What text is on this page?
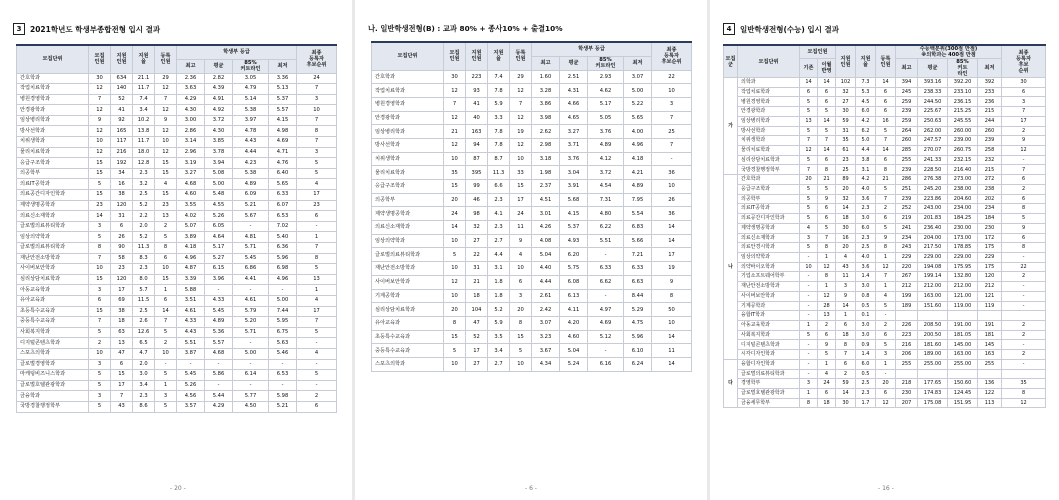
3	2021학년도 학생부종합전형 입시 결과
- 20 -
나. 일반학생전형(B) : 교과 80% + 종사10% + 출결10%
- 6 -
4	일반학생전형(수능) 입시 결과
- 16 -
모집단위	모집
인원	지원
인원	지원
율	등록
인원	학생부 등급				최종
등록자
후보순위
					최고	평균	85%
커트라인	최저	
간호학과	30	634	21.1	29	2.36	2.82	3.05	3.36	24
작업치료학과	12	140	11.7	12	3.63	4.39	4.79	5.13	7
병원경영학과	7	52	7.4	7	4.29	4.91	5.14	5.37	3
안경광학과	12	41	3.4	12	4.30	4.92	5.38	5.57	10
임상병리학과	9	92	10.2	9	3.00	3.72	3.97	4.15	7
방사선학과	12	165	13.8	12	2.86	4.30	4.78	4.98	8
치위생학과	10	117	11.7	10	3.14	3.85	4.43	4.69	7
물리치료학과	12	216	18.0	12	2.96	3.78	4.44	4.71	3
응급구조학과	15	192	12.8	15	3.19	3.94	4.23	4.76	5
의공학부	15	34	2.3	15	3.27	5.08	5.38	6.40	5
의료IT공학과	5	16	3.2	4	4.68	5.00	4.89	5.65	4
의료공간디자인학과	15	38	2.5	15	4.60	5.48	6.09	6.33	17
제약생명공학과	23	120	5.2	23	3.55	4.55	5.21	6.07	23
의료신소재학과	14	31	2.2	13	4.02	5.26	5.67	6.53	6
글로벌의료뷰티학과	3	6	2.0	2	5.07	6.05	-	7.02	-
임상의약학과	5	26	5.2	5	3.89	4.64	4.81	5.40	1
글로벌의료뷰티학과	8	90	11.3	8	4.18	5.17	5.71	6.36	7
재난안전소방학과	7	58	8.3	6	4.96	5.27	5.45	5.96	8
사이버보안학과	10	23	2.3	10	4.87	6.15	6.86	6.98	5
심리상담치료학과	15	120	8.0	15	3.39	3.96	4.41	4.96	13
아동교육학과	3	17	5.7	1	5.88	-	-	-	1
유아교육과	6	69	11.5	6	3.51	4.33	4.61	5.00	4
초등특수교육과	15	38	2.5	14	4.61	5.45	5.79	7.44	17
중등특수교육과	7	18	2.6	7	4.33	4.89	5.20	5.95	7
사회복지학과	5	63	12.6	5	4.43	5.36	5.71	6.75	5
디지털콘텐츠학과	2	13	6.5	2	5.51	5.57	-	5.63	-
스포츠의학과	10	47	4.7	10	3.87	4.68	5.00	5.46	4
글로벌경영학과	3	6	2.0	-	-	-	-	-	-
마케팅비즈니스학과	5	15	3.0	5	5.45	5.86	6.14	6.53	5
글로벌호텔관광학과	5	17	3.4	1	5.26	-	-	-	-
금융학과	3	7	2.3	3	4.56	5.44	5.77	5.98	2
국방경찰행정학부	5	43	8.6	5	3.57	4.29	4.50	5.21	6
모집단위	모집
인원	지원
인원	지원
율	등록
인원	학생부 등급				최종
등록자
후보순위
					최고	평균	85%
커트라인	최저	
간호학과	30	223	7.4	29	1.60	2.51	2.93	3.07	22
작업치료학과	12	93	7.8	12	3.28	4.31	4.62	5.00	10
병원경영학과	7	41	5.9	7	3.86	4.66	5.17	5.22	3
안경광학과	12	40	3.3	12	3.98	4.65	5.05	5.65	7
임상병리학과	21	163	7.8	19	2.62	3.27	3.76	4.00	25
방사선학과	12	94	7.8	12	2.98	3.71	4.89	4.96	7
치위생학과	10	87	8.7	10	3.18	3.76	4.12	4.18	-
물리치료학과	35	395	11.3	33	1.98	3.04	3.72	4.21	36
응급구조학과	15	99	6.6	15	2.37	3.91	4.54	4.89	10
의공학부	20	46	2.3	17	4.51	5.68	7.31	7.95	26
제약생명공학과	24	98	4.1	24	3.01	4.15	4.80	5.54	36
의료신소재학과	14	32	2.3	11	4.26	5.37	6.22	6.83	14
임상의약학과	10	27	2.7	9	4.08	4.93	5.51	5.66	14
글로벌의료뷰티학과	5	22	4.4	4	5.04	6.20	-	7.21	17
재난안전소방학과	10	31	3.1	10	4.40	5.75	6.33	6.33	19
사이버보안학과	12	21	1.8	6	4.44	6.08	6.62	6.63	9
기계공학과	10	18	1.8	3	2.61	6.13	-	8.44	8
심리상담치료학과	20	104	5.2	20	2.42	4.11	4.97	5.29	50
유아교육과	8	47	5.9	8	3.07	4.20	4.69	4.75	10
초등특수교육과	15	52	3.5	15	3.23	4.60	5.12	5.96	14
중등특수교육과	5	17	3.4	5	3.67	5.04	-	6.10	11
스포츠의학과	10	27	2.7	10	4.34	5.24	6.16	6.24	14
모집
군	모집단위	모집인원		지원
인원	지원
율	등록
인원	수능백분위(300점 만점)
※의학과는 400점 만점				최종
등록자
후보
순위
		기존	이월
반영				최고	평균	85%
커트
라인	최저	

가	의학과	14	14	102	7.3	14	394	393.16	392.20	392	30
	작업치료학과	6	6	32	5.3	6	245	238.33	233.10	233	6
	병원경영학과	5	6	27	4.5	6	259	244.50	236.15	236	3
	안경광학과	5	5	30	6.0	6	239	225.67	215.25	215	7
	임상병리학과	13	14	59	4.2	16	259	250.63	245.55	244	17
	방사선학과	5	5	31	6.2	5	264	262.00	260.00	260	2
	치위생학과	7	7	35	5.0	7	260	247.57	239.00	239	9
	물리치료학과	12	14	61	4.4	14	285	270.07	260.75	258	12
	심리상담치료학과	5	6	23	3.8	6	255	241.33	232.15	232	-
	국방경찰행정학부	7	8	25	3.1	8	239	228.50	216.40	215	7
나	간호학과	20	21	89	4.2	21	286	276.38	273.00	272	6
	응급구조학과	5	5	20	4.0	5	251	245.20	238.00	238	2
	의공학부	5	9	32	3.6	7	239	223.86	204.60	202	6
	의료IT공학과	5	6	14	2.3	2	252	243.00	234.00	234	8
	의료공간디자인학과	5	6	18	3.0	6	219	201.83	184.25	184	5
	제약생명공학과	4	5	30	6.0	5	241	236.40	230.00	230	9
	의료신소재학과	3	7	16	2.3	9	234	204.00	173.00	172	6
	의료안경시학과	5	8	20	2.5	8	243	217.50	178.85	175	8
	임상의약학과	-	1	4	4.0	1	229	229.00	229.00	229	-
	의약바이오학과	10	12	43	3.6	12	220	194.08	175.95	175	22
	기업소프트웨어학부	-	8	11	1.4	7	267	199.14	132.80	120	2
	재난안전소방학과	-	1	3	3.0	1	212	212.00	212.00	212	-
	사이버보안학과	-	12	9	0.8	4	199	163.00	121.00	121	-
	기계공학과	-	28	14	0.5	5	189	151.60	119.00	119	-
	융합IT학과	-	13	1	0.1	-					
	아동교육학과	1	2	6	3.0	2	226	208.50	191.00	191	2
	사회복지학과	5	6	18	3.0	6	223	200.50	181.05	181	2
	디지털콘텐츠학과	-	9	8	0.9	5	216	181.60	145.00	145	-
	시각디자인학과	-	5	7	1.4	3	206	189.00	163.00	163	2
다	융합디자인학과	-	1	6	6.0	1	255	255.00	255.00	255	-
	글로벌의료뷰티학과	-	4	2	0.5	-					
	경영학부	3	24	59	2.5	20	218	177.65	150.60	136	35
	글로벌호텔관광학과	1	6	14	2.3	6	230	174.83	124.45	122	8
	금융세무학부	8	18	30	1.7	12	207	175.08	151.95	113	12
